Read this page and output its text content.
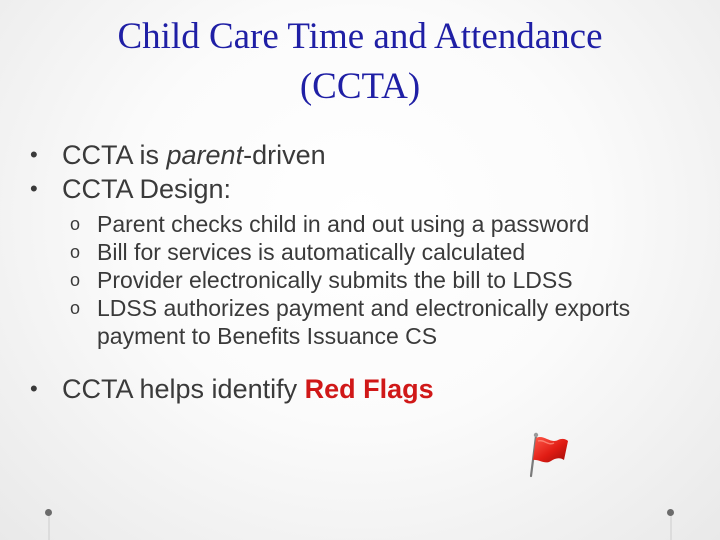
Child Care Time and Attendance
(CCTA)
• CCTA is parent-driven
• CCTA Design:
o Parent checks child in and out using a password
o Bill for services is automatically calculated
o Provider electronically submits the bill to LDSS
o LDSS authorizes payment and electronically exports payment to Benefits Issuance CS
• CCTA helps identify Red Flags
